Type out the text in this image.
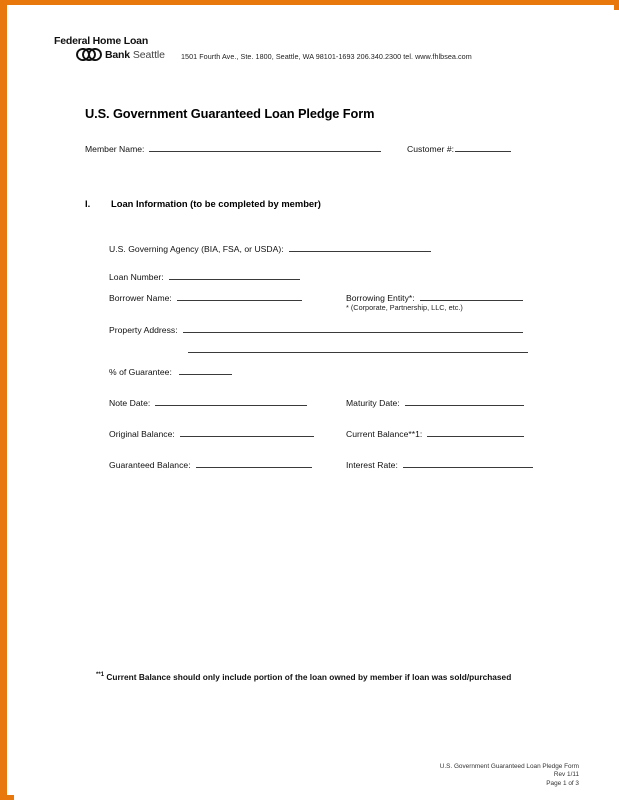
Federal Home Loan
Bank Seattle 1501 Fourth Ave., Ste. 1800, Seattle, WA 98101-1693 206.340.2300 tel. www.fhlbsea.com
U.S. Government Guaranteed Loan Pledge Form
Member Name:	Customer #:
I. Loan Information (to be completed by member)
U.S. Governing Agency (BIA, FSA, or USDA):
Loan Number:
Borrower Name:	Borrowing Entity*:
* (Corporate, Partnership, LLC, etc.)
Property Address:
% of Guarantee:
Note Date:	Maturity Date:
Original Balance:	Current Balance**1:
Guaranteed Balance:	Interest Rate:
$^{**1}$ Current Balance should only include portion of the loan owned by member if loan was sold/purchased
U.S. Government Guaranteed Loan Pledge Form
Rev 1/11
Page 1 of 3
